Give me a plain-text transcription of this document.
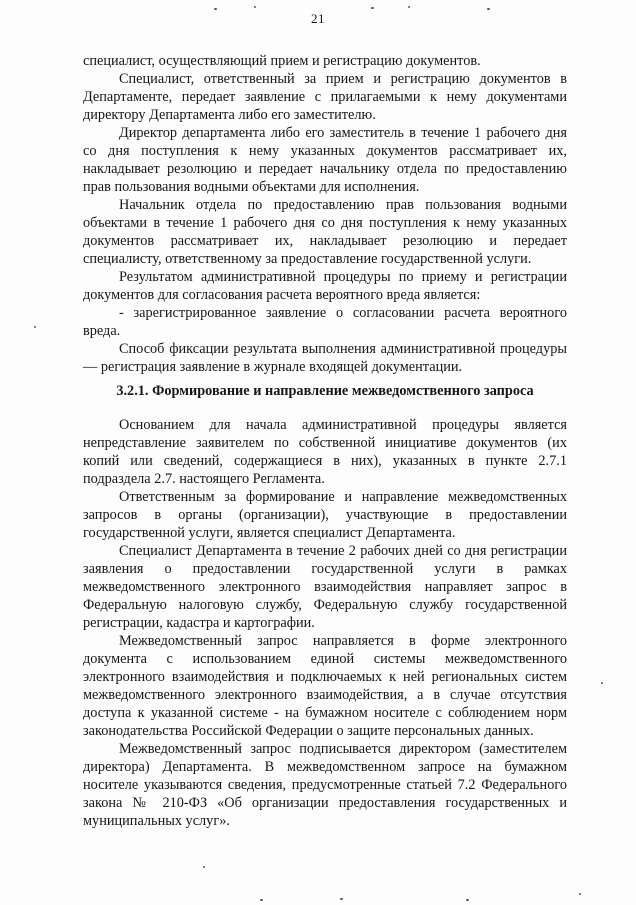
21

специалист, осуществляющий прием и регистрацию документов.

Специалист, ответственный за прием и регистрацию документов в Департаменте, передает заявление с прилагаемыми к нему документами директору Департамента либо его заместителю.

Директор департамента либо его заместитель в течение 1 рабочего дня со дня поступления к нему указанных документов рассматривает их, накладывает резолюцию и передает начальнику отдела по предоставлению прав пользования водными объектами для исполнения.

Начальник отдела по предоставлению прав пользования водными объектами в течение 1 рабочего дня со дня поступления к нему указанных документов рассматривает их, накладывает резолюцию и передает специалисту, ответственному за предоставление государственной услуги.

Результатом административной процедуры по приему и регистрации документов для согласования расчета вероятного вреда является:

- зарегистрированное заявление о согласовании расчета вероятного вреда.

Способ фиксации результата выполнения административной процедуры — регистрация заявление в журнале входящей документации.

3.2.1. Формирование и направление межведомственного запроса

Основанием для начала административной процедуры является непредставление заявителем по собственной инициативе документов (их копий или сведений, содержащиеся в них), указанных в пункте 2.7.1 подраздела 2.7. настоящего Регламента.

Ответственным за формирование и направление межведомственных запросов в органы (организации), участвующие в предоставлении государственной услуги, является специалист Департамента.

Специалист Департамента в течение 2 рабочих дней со дня регистрации заявления о предоставлении государственной услуги в рамках межведомственного электронного взаимодействия направляет запрос в Федеральную налоговую службу, Федеральную службу государственной регистрации, кадастра и картографии.

Межведомственный запрос направляется в форме электронного документа с использованием единой системы межведомственного электронного взаимодействия и подключаемых к ней региональных систем межведомственного электронного взаимодействия, а в случае отсутствия доступа к указанной системе - на бумажном носителе с соблюдением норм законодательства Российской Федерации о защите персональных данных.

Межведомственный запрос подписывается директором (заместителем директора) Департамента. В межведомственном запросе на бумажном носителе указываются сведения, предусмотренные статьей 7.2 Федерального закона № 210-ФЗ «Об организации предоставления государственных и муниципальных услуг».
